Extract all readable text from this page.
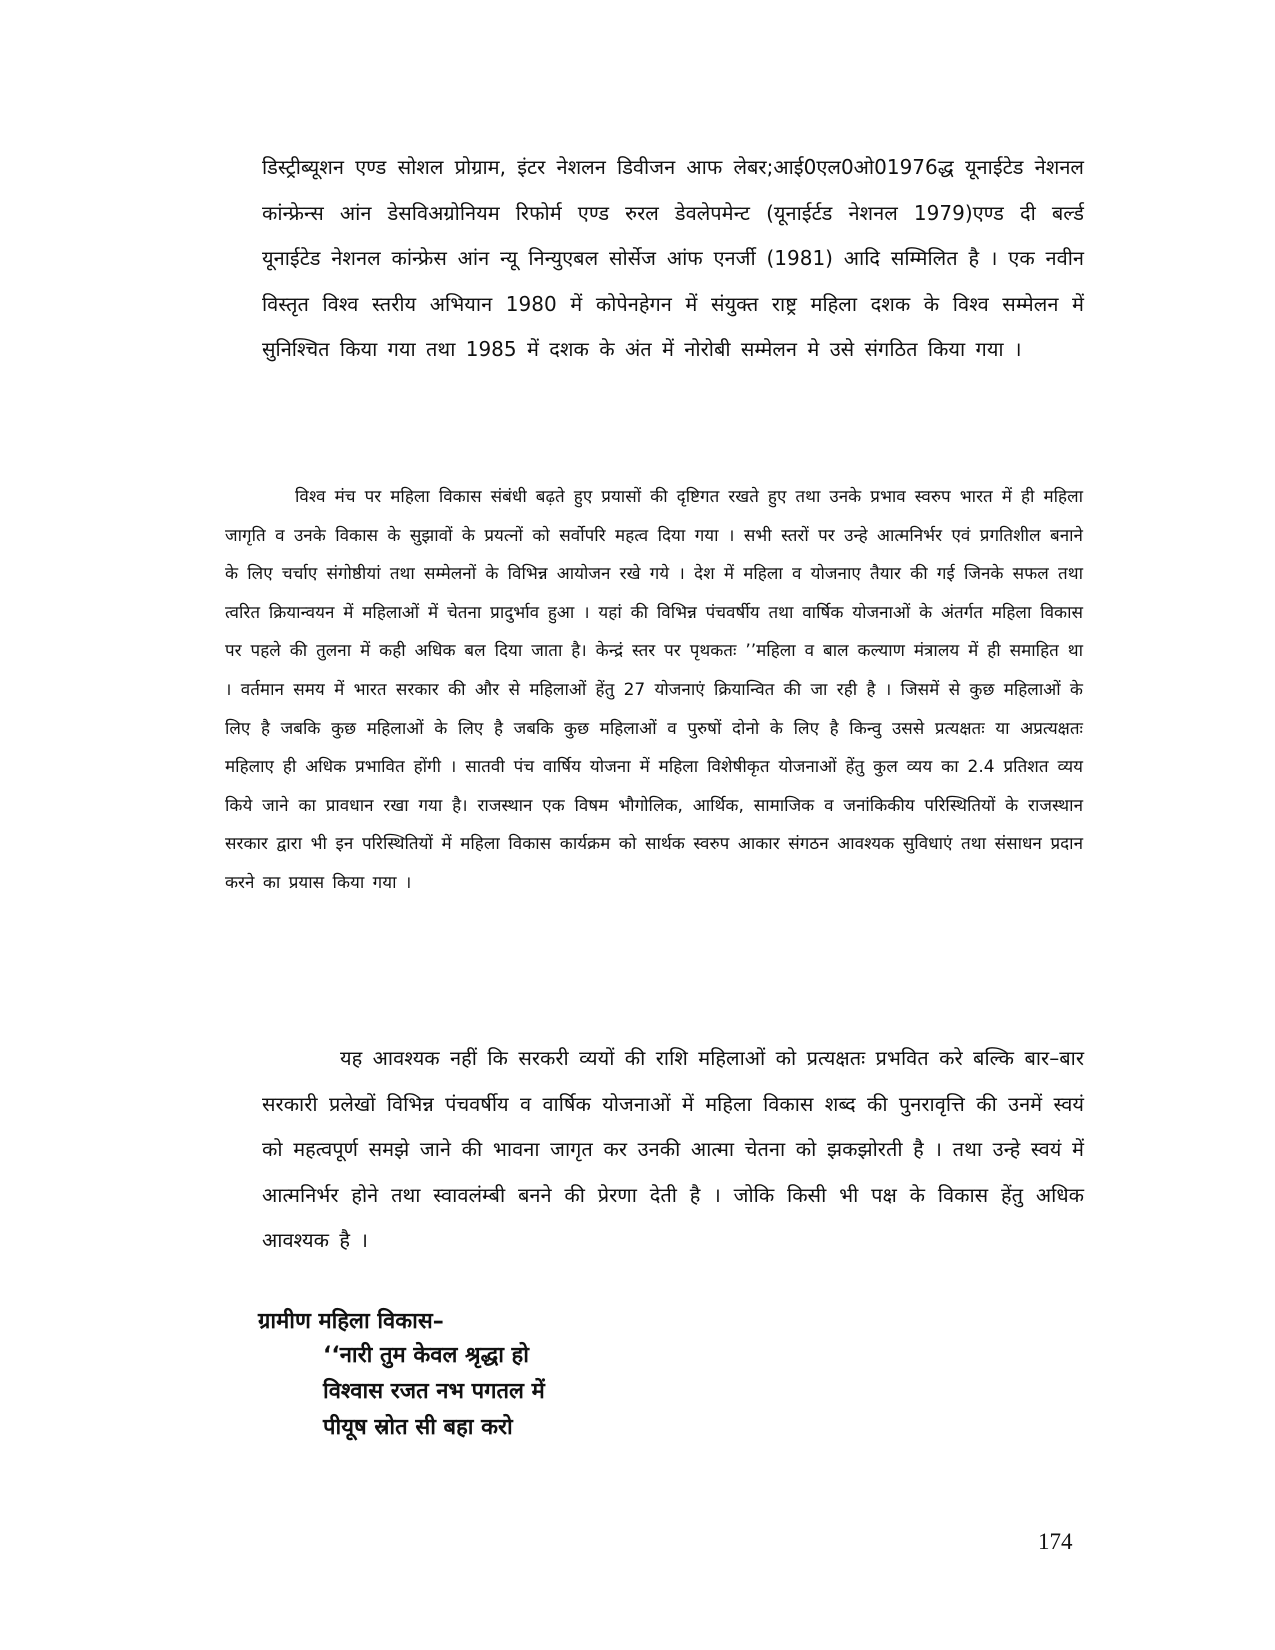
डिस्ट्रीब्यूशन एण्ड सोशल प्रोग्राम, इंटर नेशलन डिवीजन आफ लेबर;आई0एल0ओ01976द्ध यूनाईटेड नेशनल कांन्फ्रेन्स आंन डेसविअग्रोनियम रिफोर्म एण्ड रुरल डेवलेपमेन्ट (यूनाईर्टड नेशनल 1979)एण्ड दी बर्ल्ड यूनाईटेड नेशनल कांन्फ्रेस आंन न्यू निन्युएबल सोर्सेज आंफ एनर्जी (1981) आदि सम्मिलित है । एक नवीन विस्तृत विश्व स्तरीय अभियान 1980 में कोपेनहेगन में संयुक्त राष्ट्र महिला दशक के विश्व सम्मेलन में सुनिश्चित किया गया तथा 1985 में दशक के अंत में नोरोबी सम्मेलन मे उसे संगठित किया गया ।

विश्व मंच पर महिला विकास संबंधी बढ़ते हुए प्रयासों की दृष्टिगत रखते हुए तथा उनके प्रभाव स्वरुप भारत में ही महिला जागृति व उनके विकास के सुझावों के प्रयत्नों को सर्वोपरि महत्व दिया गया । सभी स्तरों पर उन्हे आत्मनिर्भर एवं प्रगतिशील बनाने के लिए चर्चाए संगोष्ठीयां तथा सम्मेलनों के विभिन्न आयोजन रखे गये । देश में महिला व योजनाए तैयार की गई जिनके सफल तथा त्वरित क्रियान्वयन में महिलाओं में चेतना प्रादुर्भाव हुआ । यहां की विभिन्न पंचवर्षीय तथा वार्षिक योजनाओं के अंतर्गत महिला विकास पर पहले की तुलना में कही अधिक बल दिया जाता है। केन्द्रं स्तर पर पृथकतः ’’महिला व बाल कल्याण मंत्रालय में ही समाहित था । वर्तमान समय में भारत सरकार की और से महिलाओं हेंतु 27 योजनाएं क्रियान्वित की जा रही है । जिसमें से कुछ महिलाओं के लिए है जबकि कुछ महिलाओं के लिए है जबकि कुछ महिलाओं व पुरुषों दोनो के लिए है किन्वु उससे प्रत्यक्षतः या अप्रत्यक्षतः महिलाए ही अधिक प्रभावित होंगी । सातवी पंच वार्षिय योजना में महिला विशेषीकृत योजनाओं हेंतु कुल व्यय का 2.4 प्रतिशत व्यय किये जाने का प्रावधान रखा गया है। राजस्थान एक विषम भौगोलिक, आर्थिक, सामाजिक व जनांकिकीय परिस्थितियों के राजस्थान सरकार द्वारा भी इन परिस्थितियों में महिला विकास कार्यक्रम को सार्थक स्वरुप आकार संगठन आवश्यक सुविधाएं तथा संसाधन प्रदान करने का प्रयास किया गया ।

यह आवश्यक नहीं कि सरकरी व्ययों की राशि महिलाओं को प्रत्यक्षतः प्रभवित करे बल्कि बार–बार सरकारी प्रलेखों विभिन्न पंचवर्षीय व वार्षिक योजनाओं में महिला विकास शब्द की पुनरावृत्ति की उनमें स्वयं को महत्वपूर्ण समझे जाने की भावना जागृत कर उनकी आत्मा चेतना को झकझोरती है । तथा उन्हे स्वयं में आत्मनिर्भर होने तथा स्वावलंम्बी बनने की प्रेरणा देती है । जोकि किसी भी पक्ष के विकास हेंतु अधिक आवश्यक है ।

ग्रामीण महिला विकास–
‘‘नारी तुम केवल श्रृद्धा हो
विश्वास रजत नभ पगतल में
पीयूष स्रोत सी बहा करो
174
